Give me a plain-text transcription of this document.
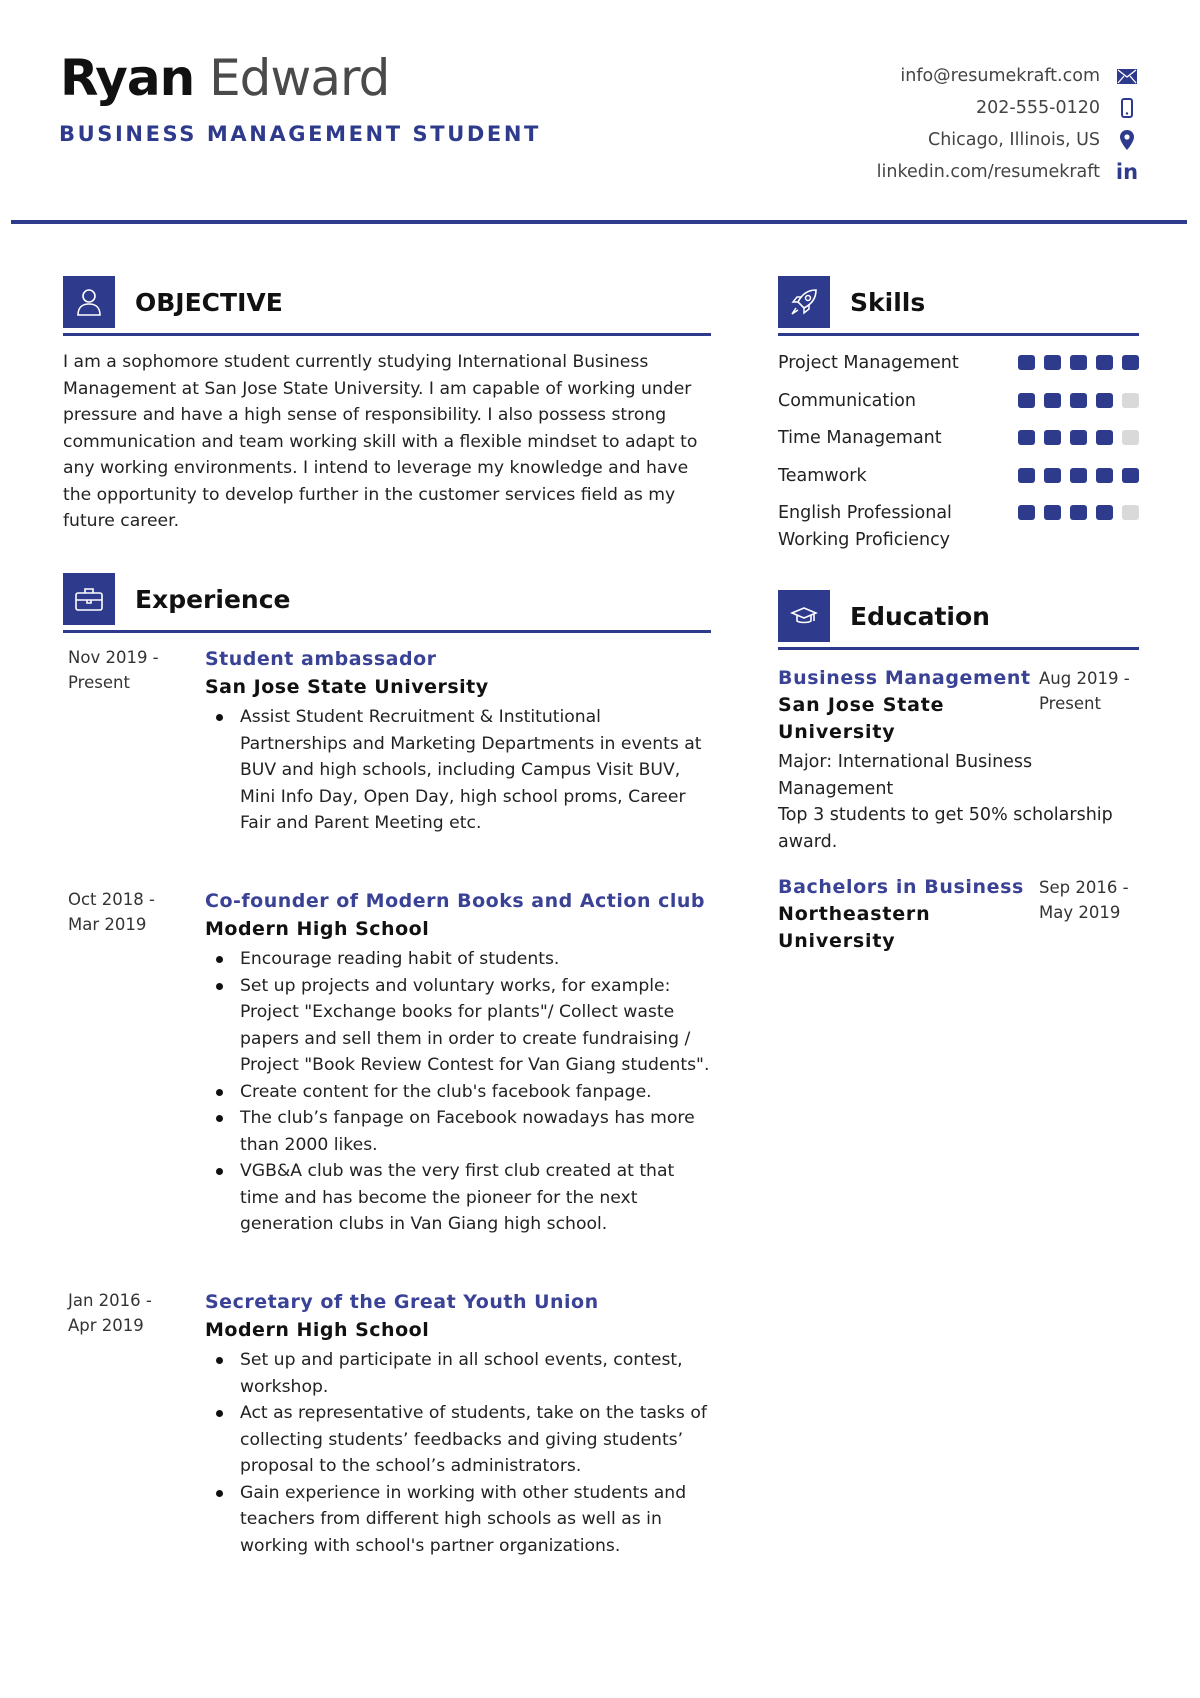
Ryan Edward
BUSINESS MANAGEMENT STUDENT
info@resumekraft.com
202-555-0120
Chicago, Illinois, US
linkedin.com/resumekraft in
OBJECTIVE

I am a sophomore student currently studying International Business Management at San Jose State University. I am capable of working under pressure and have a high sense of responsibility. I also possess strong communication and team working skill with a flexible mindset to adapt to any working environments. I intend to leverage my knowledge and have the opportunity to develop further in the customer services field as my future career.

Experience
Nov 2019 -
Present
Student ambassador
San Jose State University
Assist Student Recruitment & Institutional Partnerships and Marketing Departments in events at BUV and high schools, including Campus Visit BUV, Mini Info Day, Open Day, high school proms, Career Fair and Parent Meeting etc.
Oct 2018 -
Mar 2019
Co-founder of Modern Books and Action club
Modern High School
Encourage reading habit of students.
Set up projects and voluntary works, for example: Project "Exchange books for plants"/ Collect waste papers and sell them in order to create fundraising / Project "Book Review Contest for Van Giang students".
Create content for the club's facebook fanpage.
The club’s fanpage on Facebook nowadays has more than 2000 likes.
VGB&A club was the very first club created at that time and has become the pioneer for the next generation clubs in Van Giang high school.
Jan 2016 -
Apr 2019
Secretary of the Great Youth Union
Modern High School
Set up and participate in all school events, contest, workshop.
Act as representative of students, take on the tasks of collecting students’ feedbacks and giving students’ proposal to the school’s administrators.
Gain experience in working with other students and teachers from different high schools as well as in working with school's partner organizations.
Skills
Project Management
Communication
Time Managemant
Teamwork
English Professional Working Proficiency
Education
Business Management
San Jose State University
Aug 2019 -
Present
Major: International Business Management
Top 3 students to get 50% scholarship award.
Bachelors in Business
Northeastern University
Sep 2016 -
May 2019
